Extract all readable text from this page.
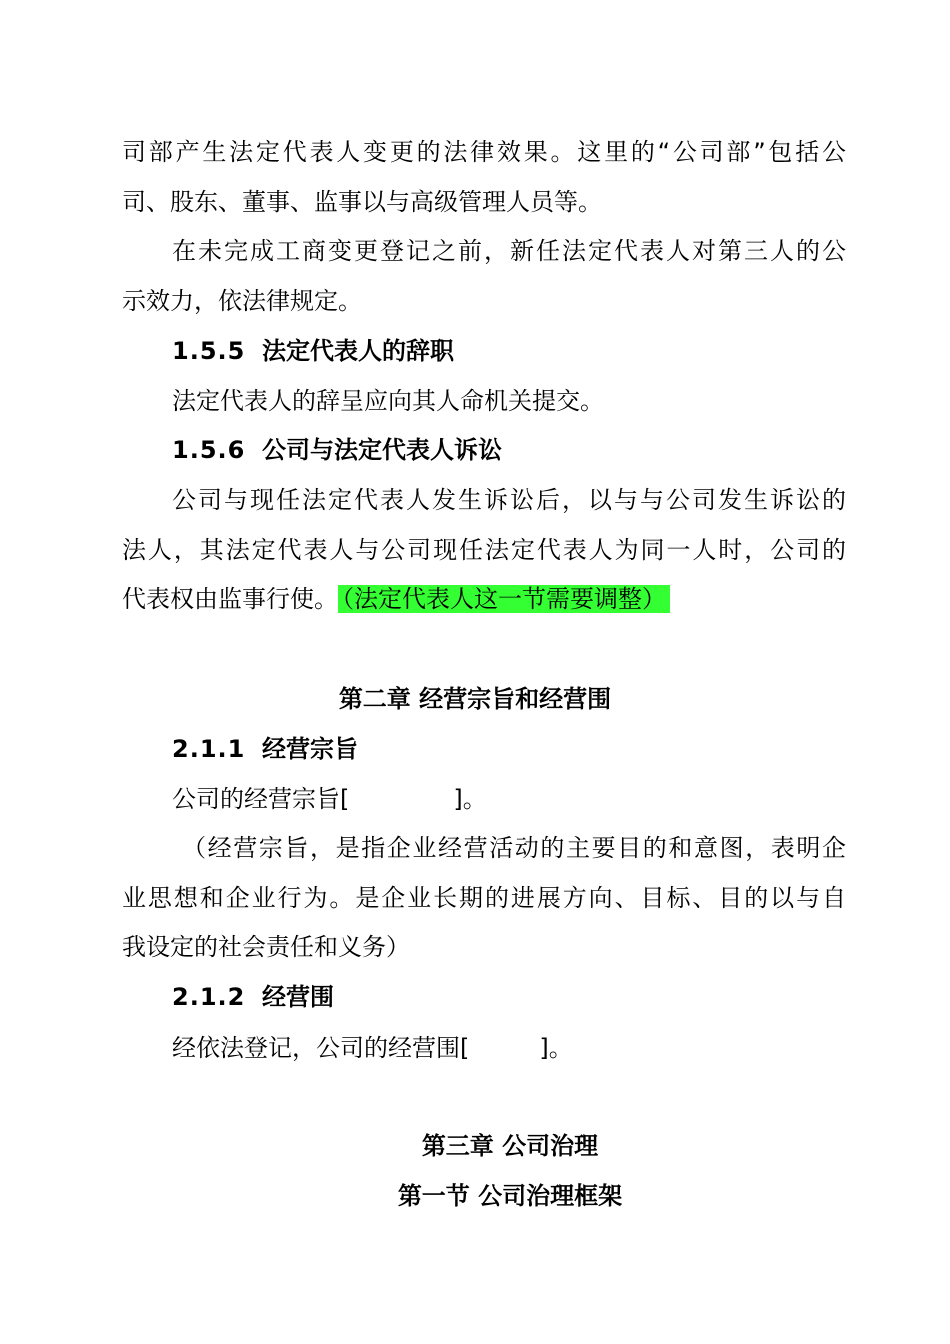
司部产生法定代表人变更的法律效果。这里的“公司部”包括公
司、股东、董事、监事以与高级管理人员等。
在未完成工商变更登记之前，新任法定代表人对第三人的公
示效力，依法律规定。
1.5.5 法定代表人的辞职
法定代表人的辞呈应向其人命机关提交。
1.5.6 公司与法定代表人诉讼
公司与现任法定代表人发生诉讼后，以与与公司发生诉讼的
法人，其法定代表人与公司现任法定代表人为同一人时，公司的
代表权由监事行使。 （法定代表人这一节需要调整）
第二章 经营宗旨和经营围
2.1.1 经营宗旨
公司的经营宗旨[	]。
（经营宗旨，是指企业经营活动的主要目的和意图，表明企
业思想和企业行为。是企业长期的进展方向、目标、目的以与自
我设定的社会责任和义务）
2.1.2 经营围
经依法登记，公司的经营围[	]。
第三章 公司治理
第一节 公司治理框架
